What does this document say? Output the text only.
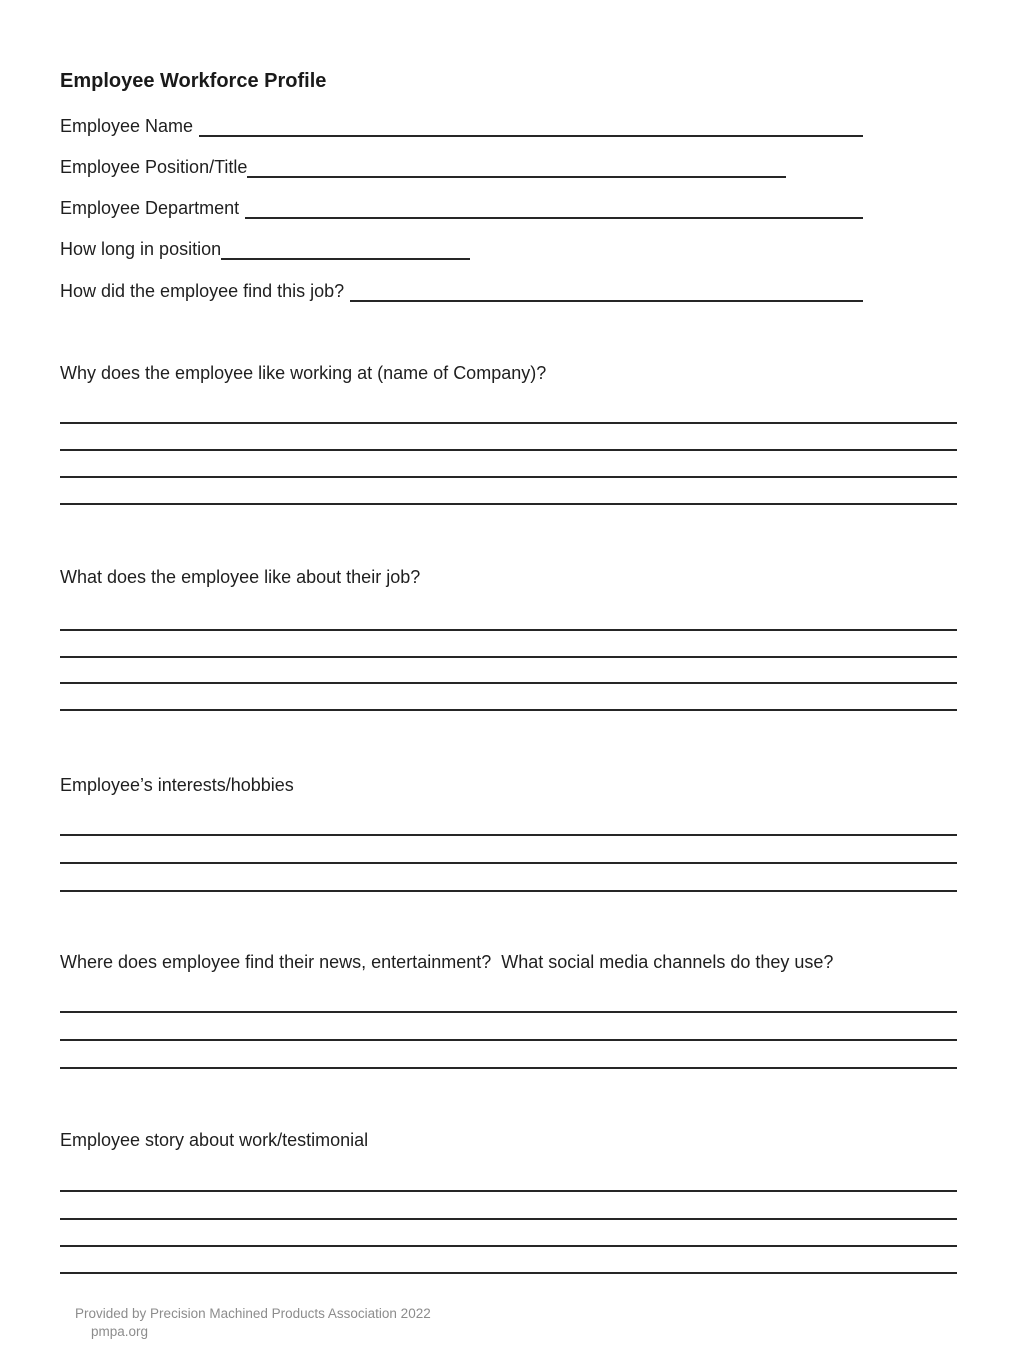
Employee Workforce Profile
Employee Name
Employee Position/Title
Employee Department
How long in position
How did the employee find this job?
Why does the employee like working at (name of Company)?
What does the employee like about their job?
Employee’s interests/hobbies
Where does employee find their news, entertainment?  What social media channels do they use?
Employee story about work/testimonial

Provided by Precision Machined Products Association 2022
pmpa.org
